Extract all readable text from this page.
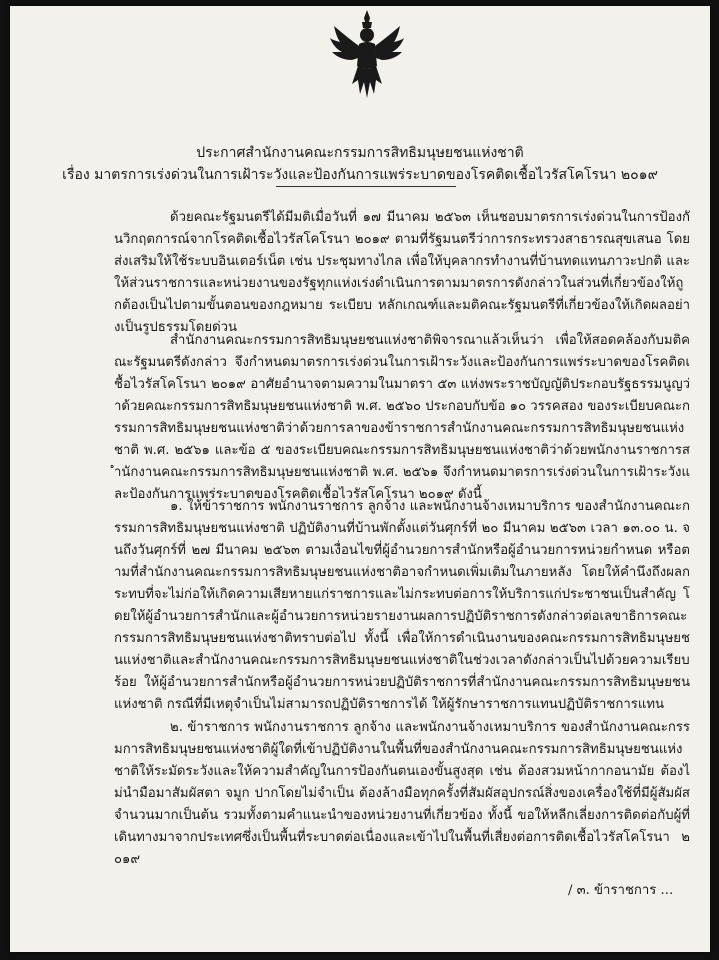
ประกาศสำนักงานคณะกรรมการสิทธิมนุษยชนแห่งชาติ
เรื่อง มาตรการเร่งด่วนในการเฝ้าระวังและป้องกันการแพร่ระบาดของโรคติดเชื้อไวรัสโคโรนา ๒๐๑๙

ด้วยคณะรัฐมนตรีได้มีมติเมื่อวันที่ ๑๗ มีนาคม ๒๕๖๓ เห็นชอบมาตรการเร่งด่วนในการป้องกันวิกฤตการณ์จากโรคติดเชื้อไวรัสโคโรนา ๒๐๑๙ ตามที่รัฐมนตรีว่าการกระทรวงสาธารณสุขเสนอ โดยส่งเสริมให้ใช้ระบบอินเตอร์เน็ต เช่น ประชุมทางไกล เพื่อให้บุคลากรทำงานที่บ้านทดแทนภาวะปกติ และให้ส่วนราชการและหน่วยงานของรัฐทุกแห่งเร่งดำเนินการตามมาตรการดังกล่าวในส่วนที่เกี่ยวข้องให้ถูกต้องเป็นไปตามขั้นตอนของกฎหมาย ระเบียบ หลักเกณฑ์และมติคณะรัฐมนตรีที่เกี่ยวข้องให้เกิดผลอย่างเป็นรูปธรรมโดยด่วน

สำนักงานคณะกรรมการสิทธิมนุษยชนแห่งชาติพิจารณาแล้วเห็นว่า เพื่อให้สอดคล้องกับมติคณะรัฐมนตรีดังกล่าว จึงกำหนดมาตรการเร่งด่วนในการเฝ้าระวังและป้องกันการแพร่ระบาดของโรคติดเชื้อไวรัสโคโรนา ๒๐๑๙ อาศัยอำนาจตามความในมาตรา ๕๓ แห่งพระราชบัญญัติประกอบรัฐธรรมนูญว่าด้วยคณะกรรมการสิทธิมนุษยชนแห่งชาติ พ.ศ. ๒๕๖๐ ประกอบกับข้อ ๑๐ วรรคสอง ของระเบียบคณะกรรมการสิทธิมนุษยชนแห่งชาติว่าด้วยการลาของข้าราชการสำนักงานคณะกรรมการสิทธิมนุษยชนแห่งชาติ พ.ศ. ๒๕๖๑ และข้อ ๕ ของระเบียบคณะกรรมการสิทธิมนุษยชนแห่งชาติว่าด้วยพนักงานราชการสำนักงานคณะกรรมการสิทธิมนุษยชนแห่งชาติ พ.ศ. ๒๕๖๑ จึงกำหนดมาตรการเร่งด่วนในการเฝ้าระวังและป้องกันการแพร่ระบาดของโรคติดเชื้อไวรัสโคโรนา ๒๐๑๙ ดังนี้

๑. ให้ข้าราชการ พนักงานราชการ ลูกจ้าง และพนักงานจ้างเหมาบริการ ของสำนักงานคณะกรรมการสิทธิมนุษยชนแห่งชาติ ปฏิบัติงานที่บ้านพักตั้งแต่วันศุกร์ที่ ๒๐ มีนาคม ๒๕๖๓ เวลา ๑๓.๐๐ น. จนถึงวันศุกร์ที่ ๒๗ มีนาคม ๒๕๖๓ ตามเงื่อนไขที่ผู้อำนวยการสำนักหรือผู้อำนวยการหน่วยกำหนด หรือตามที่สำนักงานคณะกรรมการสิทธิมนุษยชนแห่งชาติอาจกำหนดเพิ่มเติมในภายหลัง โดยให้คำนึงถึงผลกระทบที่จะไม่ก่อให้เกิดความเสียหายแก่ราชการและไม่กระทบต่อการให้บริการแก่ประชาชนเป็นสำคัญ โดยให้ผู้อำนวยการสำนักและผู้อำนวยการหน่วยรายงานผลการปฏิบัติราชการดังกล่าวต่อเลขาธิการคณะกรรมการสิทธิมนุษยชนแห่งชาติทราบต่อไป ทั้งนี้ เพื่อให้การดำเนินงานของคณะกรรมการสิทธิมนุษยชนแห่งชาติและสำนักงานคณะกรรมการสิทธิมนุษยชนแห่งชาติในช่วงเวลาดังกล่าวเป็นไปด้วยความเรียบร้อย ให้ผู้อำนวยการสำนักหรือผู้อำนวยการหน่วยปฏิบัติราชการที่สำนักงานคณะกรรมการสิทธิมนุษยชนแห่งชาติ กรณีที่มีเหตุจำเป็นไม่สามารถปฏิบัติราชการได้ ให้ผู้รักษาราชการแทนปฏิบัติราชการแทน

๒. ข้าราชการ พนักงานราชการ ลูกจ้าง และพนักงานจ้างเหมาบริการ ของสำนักงานคณะกรรมการสิทธิมนุษยชนแห่งชาติผู้ใดที่เข้าปฏิบัติงานในพื้นที่ของสำนักงานคณะกรรมการสิทธิมนุษยชนแห่งชาติให้ระมัดระวังและให้ความสำคัญในการป้องกันตนเองขั้นสูงสุด เช่น ต้องสวมหน้ากากอนามัย ต้องไม่นำมือมาสัมผัสตา จมูก ปากโดยไม่จำเป็น ต้องล้างมือทุกครั้งที่สัมผัสอุปกรณ์สิ่งของเครื่องใช้ที่มีผู้สัมผัสจำนวนมากเป็นต้น รวมทั้งตามคำแนะนำของหน่วยงานที่เกี่ยวข้อง ทั้งนี้ ขอให้หลีกเลี่ยงการติดต่อกับผู้ที่เดินทางมาจากประเทศซึ่งเป็นพื้นที่ระบาดต่อเนื่องและเข้าไปในพื้นที่เสี่ยงต่อการติดเชื้อไวรัสโคโรนา ๒๐๑๙

/ ๓. ข้าราชการ ...
